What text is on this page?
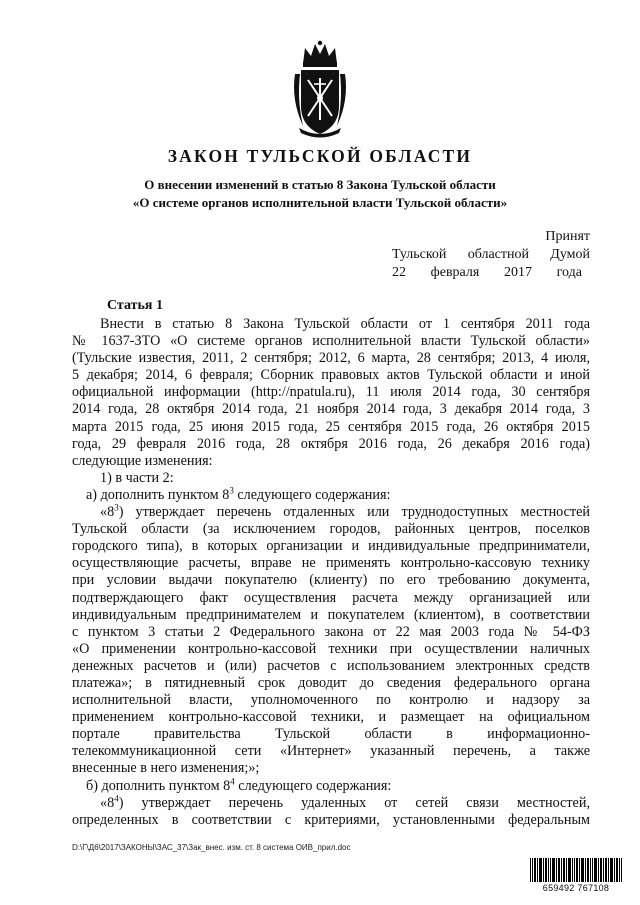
ЗАКОН ТУЛЬСКОЙ ОБЛАСТИ
О внесении изменений в статью 8 Закона Тульской области
«О системе органов исполнительной власти Тульской области»
Принят
Тульской областной Думой
22 февраля 2017 года
Статья 1
Внести в статью 8 Закона Тульской области от 1 сентября 2011 года
№ 1637-ЗТО «О системе органов исполнительной власти Тульской области»
(Тульские известия, 2011, 2 сентября; 2012, 6 марта, 28 сентября; 2013, 4 июля,
5 декабря; 2014, 6 февраля; Сборник правовых актов Тульской области и иной
официальной информации (http://npatula.ru), 11 июля 2014 года, 30 сентября
2014 года, 28 октября 2014 года, 21 ноября 2014 года, 3 декабря 2014 года, 3
марта 2015 года, 25 июня 2015 года, 25 сентября 2015 года, 26 октября 2015
года, 29 февраля 2016 года, 28 октября 2016 года, 26 декабря 2016 года)
следующие изменения:
1) в части 2:
а) дополнить пунктом $8^3$ следующего содержания:
«$8^3$) утверждает перечень отдаленных или труднодоступных местностей
Тульской области (за исключением городов, районных центров, поселков
городского типа), в которых организации и индивидуальные предприниматели,
осуществляющие расчеты, вправе не применять контрольно-кассовую технику
при условии выдачи покупателю (клиенту) по его требованию документа,
подтверждающего факт осуществления расчета между организацией или
индивидуальным предпринимателем и покупателем (клиентом), в соответствии
с пунктом 3 статьи 2 Федерального закона от 22 мая 2003 года № 54-ФЗ
«О применении контрольно-кассовой техники при осуществлении наличных
денежных расчетов и (или) расчетов с использованием электронных средств
платежа»; в пятидневный срок доводит до сведения федерального органа
исполнительной власти, уполномоченного по контролю и надзору за
применением контрольно-кассовой техники, и размещает на официальном
портале правительства Тульской области в информационно-
телекоммуникационной сети «Интернет» указанный перечень, а также
внесенные в него изменения;»;
б) дополнить пунктом $8^4$ следующего содержания:
«$8^4$) утверждает перечень удаленных от сетей связи местностей,
определенных в соответствии с критериями, установленными федеральным
D:\Г\Д6\2017\ЗАКОНЫ\ЗАС_37\Зак_внес. изм. ст. 8 система ОИВ_прил.doc
659492 767108
